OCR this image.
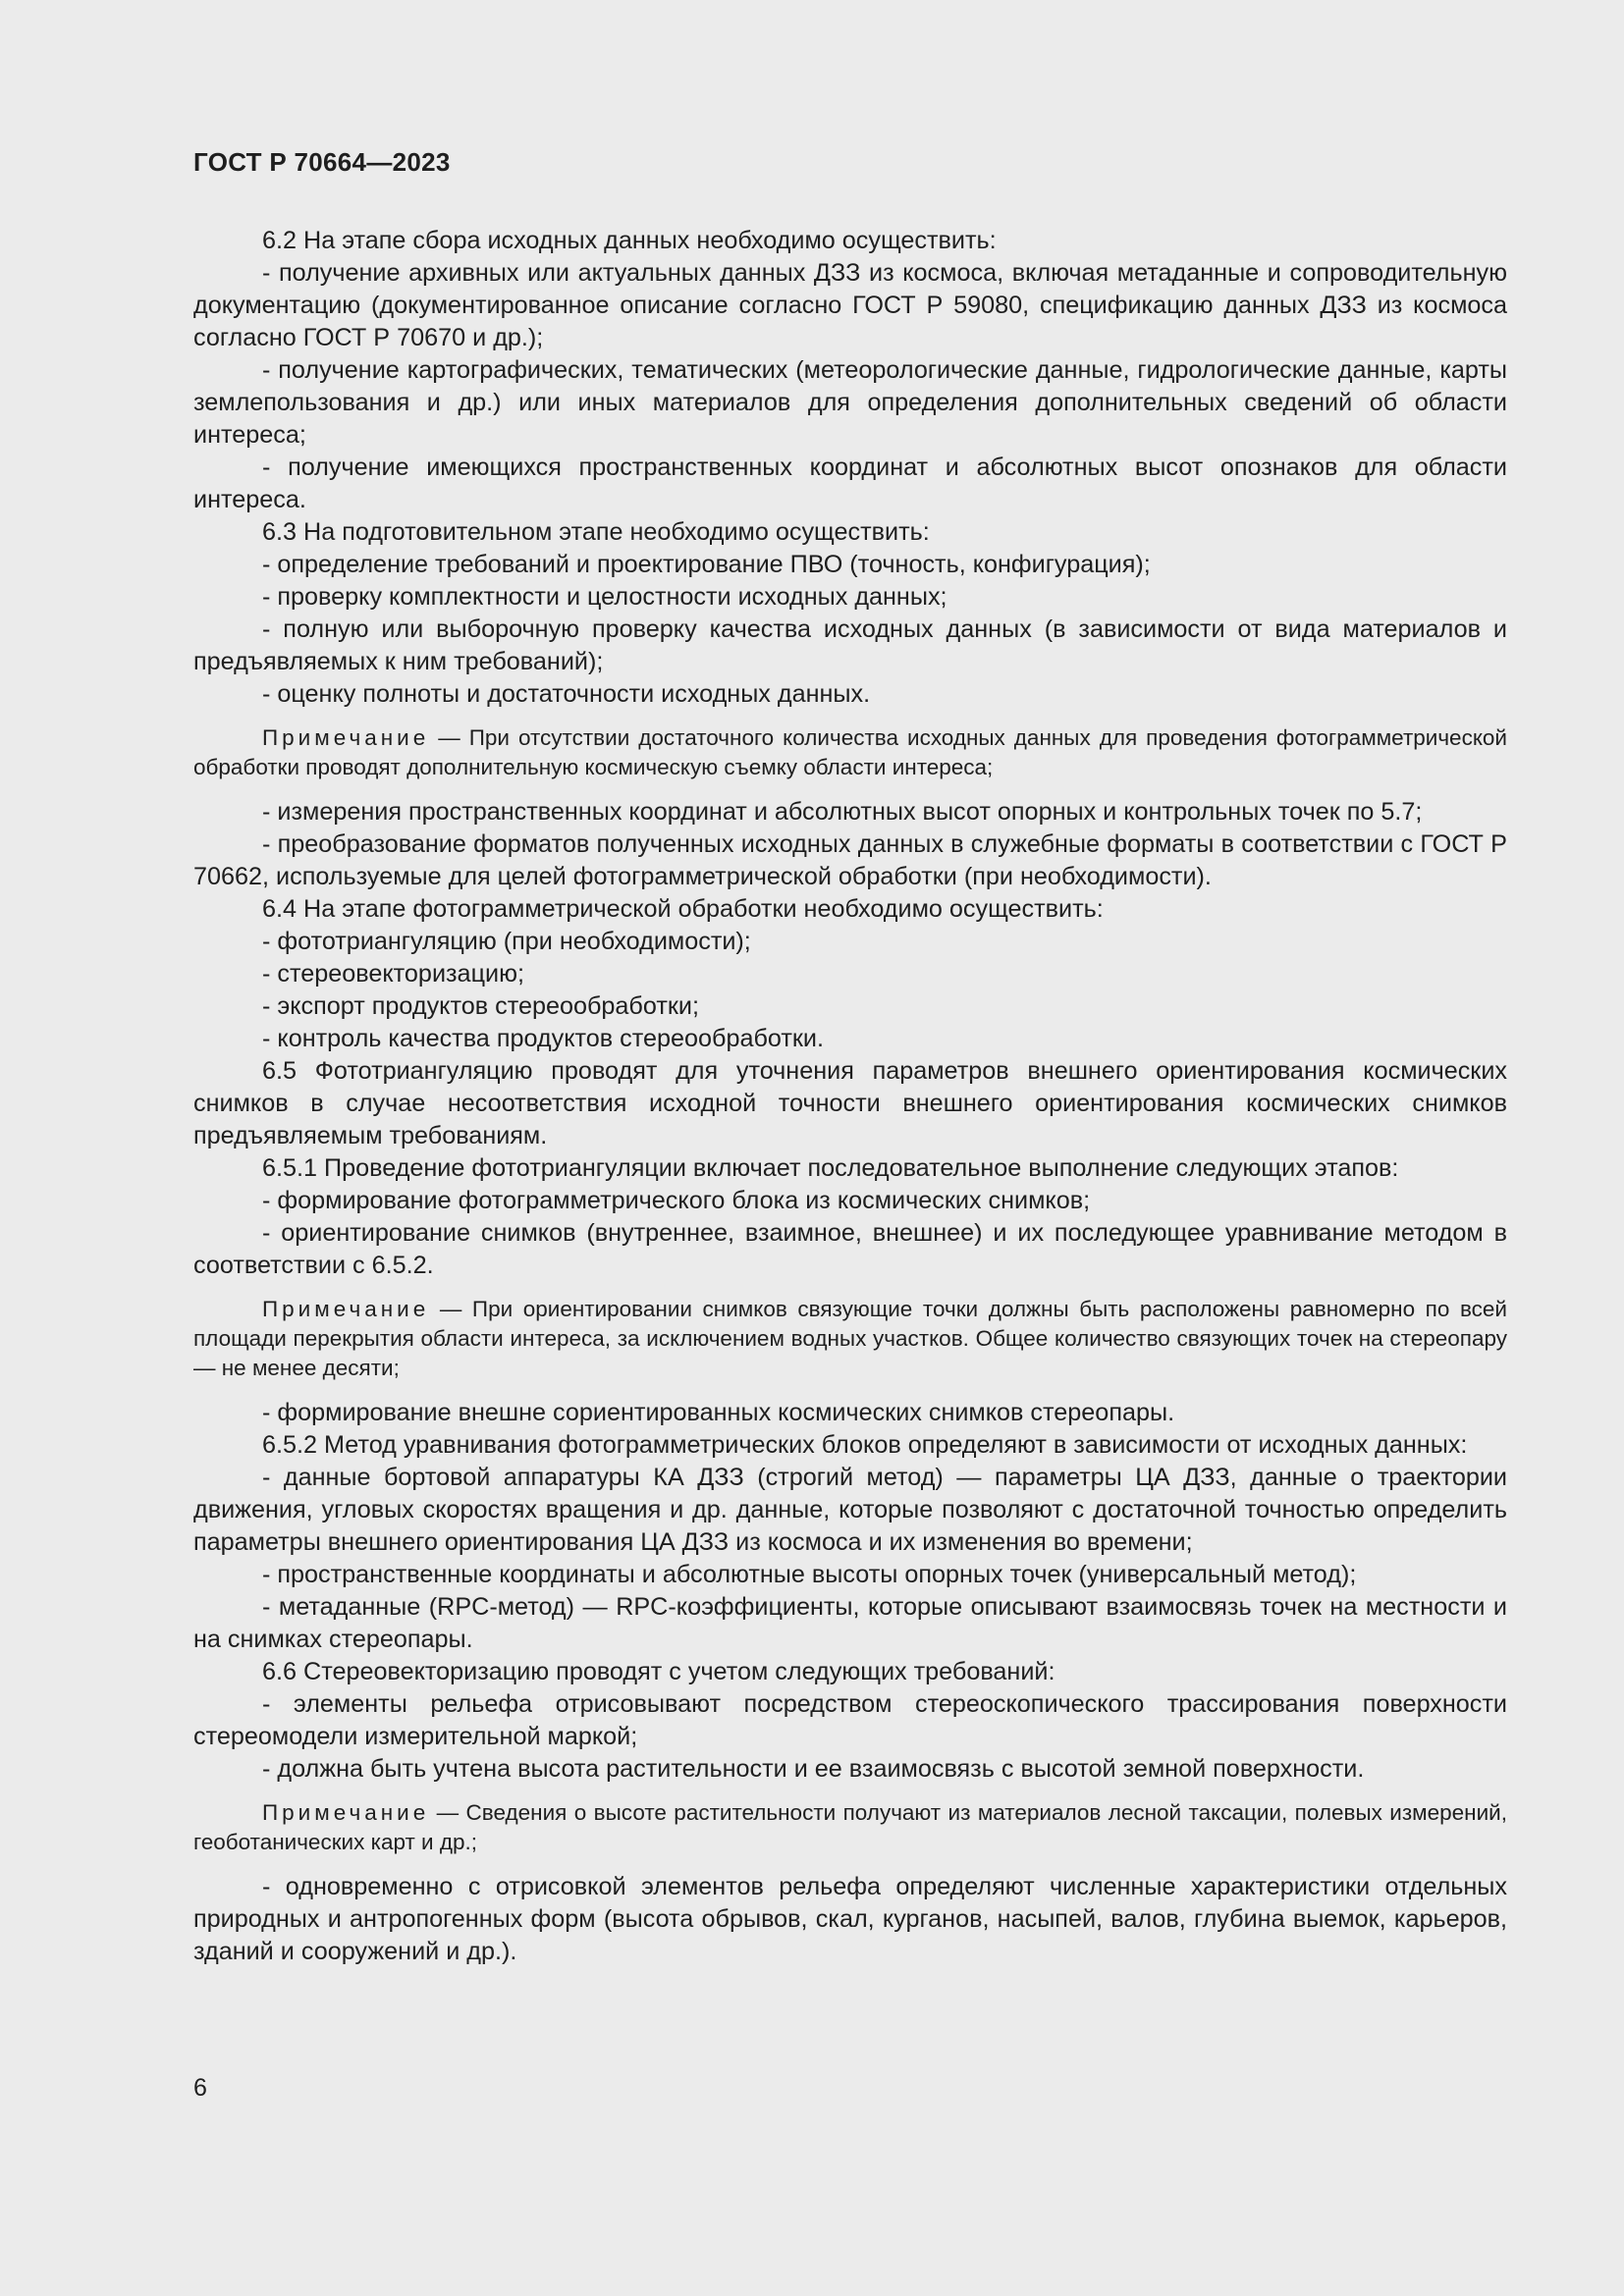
ГОСТ Р 70664—2023

6.2 На этапе сбора исходных данных необходимо осуществить:

- получение архивных или актуальных данных ДЗЗ из космоса, включая метаданные и сопроводительную документацию (документированное описание согласно ГОСТ Р 59080, спецификацию данных ДЗЗ из космоса согласно ГОСТ Р 70670 и др.);

- получение картографических, тематических (метеорологические данные, гидрологические данные, карты землепользования и др.) или иных материалов для определения дополнительных сведений об области интереса;

- получение имеющихся пространственных координат и абсолютных высот опознаков для области интереса.

6.3 На подготовительном этапе необходимо осуществить:

- определение требований и проектирование ПВО (точность, конфигурация);

- проверку комплектности и целостности исходных данных;

- полную или выборочную проверку качества исходных данных (в зависимости от вида материалов и предъявляемых к ним требований);

- оценку полноты и достаточности исходных данных.

Примечание — При отсутствии достаточного количества исходных данных для проведения фотограмметрической обработки проводят дополнительную космическую съемку области интереса;

- измерения пространственных координат и абсолютных высот опорных и контрольных точек по 5.7;

- преобразование форматов полученных исходных данных в служебные форматы в соответствии с ГОСТ Р 70662, используемые для целей фотограмметрической обработки (при необходимости).

6.4 На этапе фотограмметрической обработки необходимо осуществить:

- фототриангуляцию (при необходимости);

- стереовекторизацию;

- экспорт продуктов стереообработки;

- контроль качества продуктов стереообработки.

6.5 Фототриангуляцию проводят для уточнения параметров внешнего ориентирования космических снимков в случае несоответствия исходной точности внешнего ориентирования космических снимков предъявляемым требованиям.

6.5.1 Проведение фототриангуляции включает последовательное выполнение следующих этапов:

- формирование фотограмметрического блока из космических снимков;

- ориентирование снимков (внутреннее, взаимное, внешнее) и их последующее уравнивание методом в соответствии с 6.5.2.

Примечание — При ориентировании снимков связующие точки должны быть расположены равномерно по всей площади перекрытия области интереса, за исключением водных участков. Общее количество связующих точек на стереопару — не менее десяти;

- формирование внешне сориентированных космических снимков стереопары.

6.5.2 Метод уравнивания фотограмметрических блоков определяют в зависимости от исходных данных:

- данные бортовой аппаратуры КА ДЗЗ (строгий метод) — параметры ЦА ДЗЗ, данные о траектории движения, угловых скоростях вращения и др. данные, которые позволяют с достаточной точностью определить параметры внешнего ориентирования ЦА ДЗЗ из космоса и их изменения во времени;

- пространственные координаты и абсолютные высоты опорных точек (универсальный метод);

- метаданные (RPC-метод) — RPC-коэффициенты, которые описывают взаимосвязь точек на местности и на снимках стереопары.

6.6 Стереовекторизацию проводят с учетом следующих требований:

- элементы рельефа отрисовывают посредством стереоскопического трассирования поверхности стереомодели измерительной маркой;

- должна быть учтена высота растительности и ее взаимосвязь с высотой земной поверхности.

Примечание — Сведения о высоте растительности получают из материалов лесной таксации, полевых измерений, геоботанических карт и др.;

- одновременно с отрисовкой элементов рельефа определяют численные характеристики отдельных природных и антропогенных форм (высота обрывов, скал, курганов, насыпей, валов, глубина выемок, карьеров, зданий и сооружений и др.).

6
